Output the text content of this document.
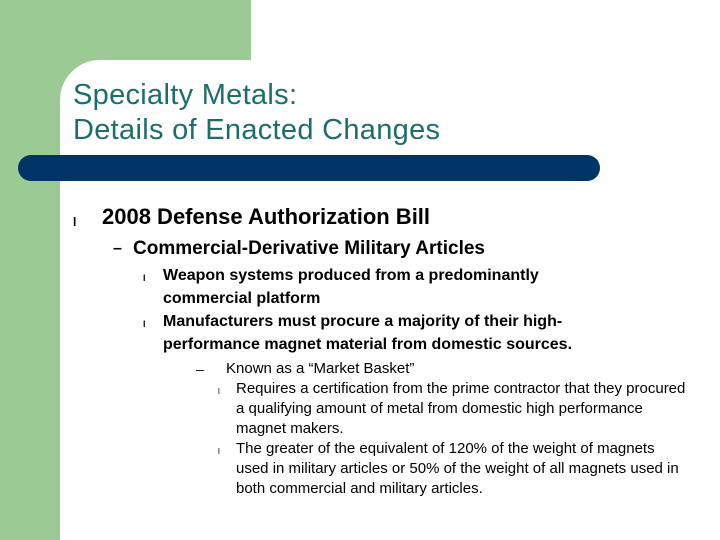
Specialty Metals:
Details of Enacted Changes
l 2008 Defense Authorization Bill
– Commercial-Derivative Military Articles
l Weapon systems produced from a predominantly commercial platform
l Manufacturers must procure a majority of their high-performance magnet material from domestic sources.
– Known as a “Market Basket”
l Requires a certification from the prime contractor that they procured a qualifying amount of metal from domestic high performance magnet makers.
l The greater of the equivalent of 120% of the weight of magnets used in military articles or 50% of the weight of all magnets used in both commercial and military articles.
